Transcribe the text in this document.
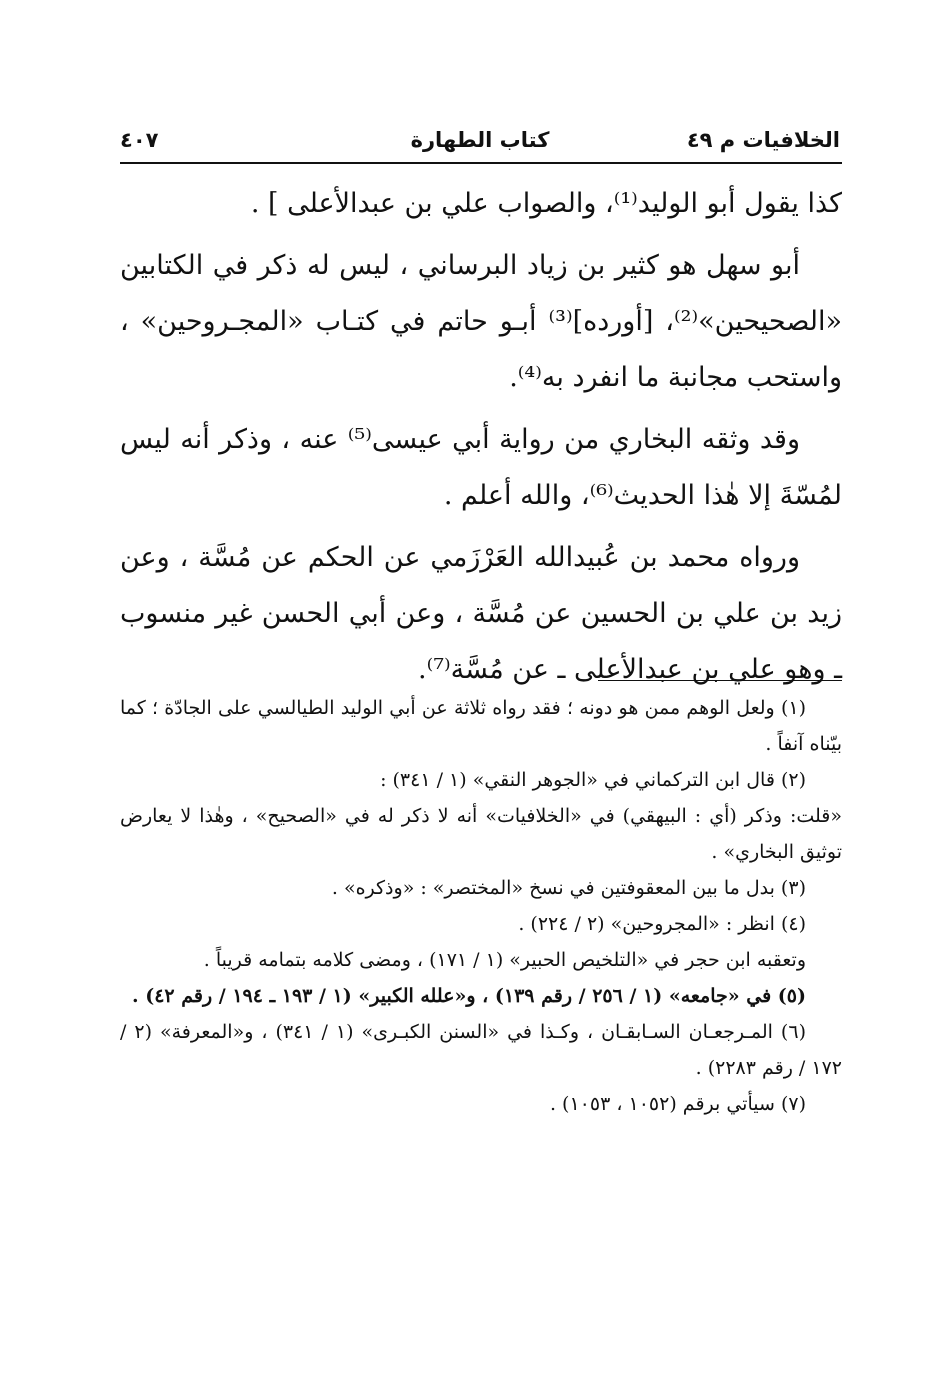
٤٠٧	كتاب الطهارة	الخلافيات م ٤٩

كذا يقول أبو الوليد⁽¹⁾، والصواب علي بن عبدالأعلى ] .

أبو سهل هو كثير بن زياد البرساني ، ليس له ذكر في الكتابين «الصحيحين»⁽²⁾، [أورده]⁽³⁾ أبـو حاتم في كتـاب «المجـروحين» ، واستحب مجانبة ما انفرد به⁽⁴⁾.

وقد وثقه البخاري من رواية أبي عيسى⁽⁵⁾ عنه ، وذكر أنه ليس لمُسّةَ إلا هٰذا الحديث⁽⁶⁾، والله أعلم .

ورواه محمد بن عُبيدالله العَرْزَمي عن الحكم عن مُسَّة ، وعن زيد بن علي بن الحسين عن مُسَّة ، وعن أبي الحسن غير منسوب ـ وهو علي بن عبدالأعلى ـ عن مُسَّة⁽⁷⁾.

(١) ولعل الوهم ممن هو دونه ؛ فقد رواه ثلاثة عن أبي الوليد الطيالسي على الجادّة ؛ كما بيّناه آنفاً .

(٢) قال ابن التركماني في «الجوهر النقي» (١ / ٣٤١) :

«قلت: وذكر (أي : البيهقي) في «الخلافيات» أنه لا ذكر له في «الصحيح» ، وهٰذا لا يعارض توثيق البخاري» .

(٣) بدل ما بين المعقوفتين في نسخ «المختصر» : «وذكره» .

(٤) انظر : «المجروحين» (٢ / ٢٢٤) .

وتعقبه ابن حجر في «التلخيص الحبير» (١ / ١٧١) ، ومضى كلامه بتمامه قريباً .

(٥) في «جامعه» (١ / ٢٥٦ / رقم ١٣٩) ، و«علله الكبير» (١ / ١٩٣ ـ ١٩٤ / رقم ٤٢) .

(٦) المـرجعـان السـابقـان ، وكـذا في «السنن الكبـرى» (١ / ٣٤١) ، و«المعرفة» (٢ / ١٧٢ / رقم ٢٢٨٣) .

(٧) سيأتي برقم (١٠٥٢ ، ١٠٥٣) .
